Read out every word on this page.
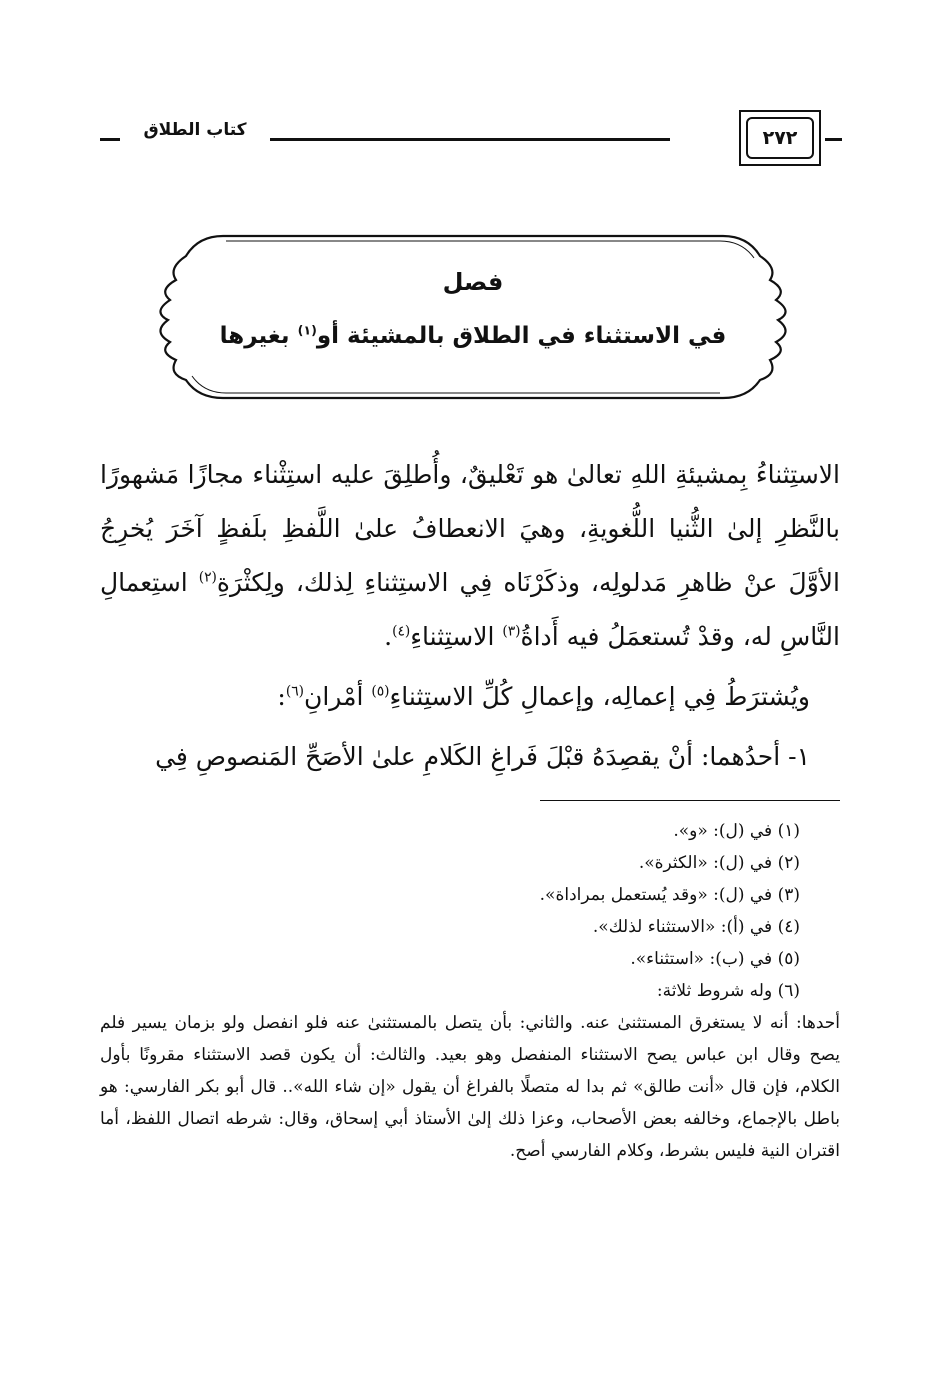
كتاب الطلاق	٢٧٢
فصل
في الاستثناء في الطلاق بالمشيئة أو$^{(١)}$ بغيرها

الاستِثناءُ بِمشيئةِ اللهِ تعالىٰ هو تَعْليقٌ، وأُطلِقَ عليه استِثْناء مجازًا مَشهورًا بالنَّظرِ إلىٰ الثُّنيا اللُّغويةِ، وهيَ الانعطافُ علىٰ اللَّفظِ بلَفظٍ آخَرَ يُخرِجُ الأوَّلَ عنْ ظاهرِ مَدلولِه، وذكَرْنَاه فِي الاستِثناءِ لِذلك، ولِكثْرَةِ$^{(٢)}$ استِعمالِ النَّاسِ له، وقدْ تُستعمَلُ فيه أَداةُ$^{(٣)}$ الاستِثناءِ$^{(٤)}$.

ويُشترَطُ فِي إعمالِه، وإعمالِ كُلِّ الاستِثناءِ$^{(٥)}$ أمْرانِ$^{(٦)}$:

١- أحدُهما: أنْ يقصِدَهُ قبْلَ فَراغِ الكَلامِ علىٰ الأصَحِّ المَنصوصِ فِي

(١) في (ل): «و».

(٢) في (ل): «الكثرة».

(٣) في (ل): «وقد يُستعمل بمراداة».

(٤) في (أ): «الاستثناء لذلك».

(٥) في (ب): «استثناء».

(٦) وله شروط ثلاثة:

أحدها: أنه لا يستغرق المستثنىٰ عنه. والثاني: بأن يتصل بالمستثنىٰ عنه فلو انفصل ولو بزمان يسير فلم يصح وقال ابن عباس يصح الاستثناء المنفصل وهو بعيد. والثالث: أن يكون قصد الاستثناء مقرونًا بأول الكلام، فإن قال «أنت طالق» ثم بدا له متصلًا بالفراغ أن يقول «إن شاء الله».. قال أبو بكر الفارسي: هو باطل بالإجماع، وخالفه بعض الأصحاب، وعزا ذلك إلىٰ الأستاذ أبي إسحاق، وقال: شرطه اتصال اللفظ، أما اقتران النية فليس بشرط، وكلام الفارسي أصح.
